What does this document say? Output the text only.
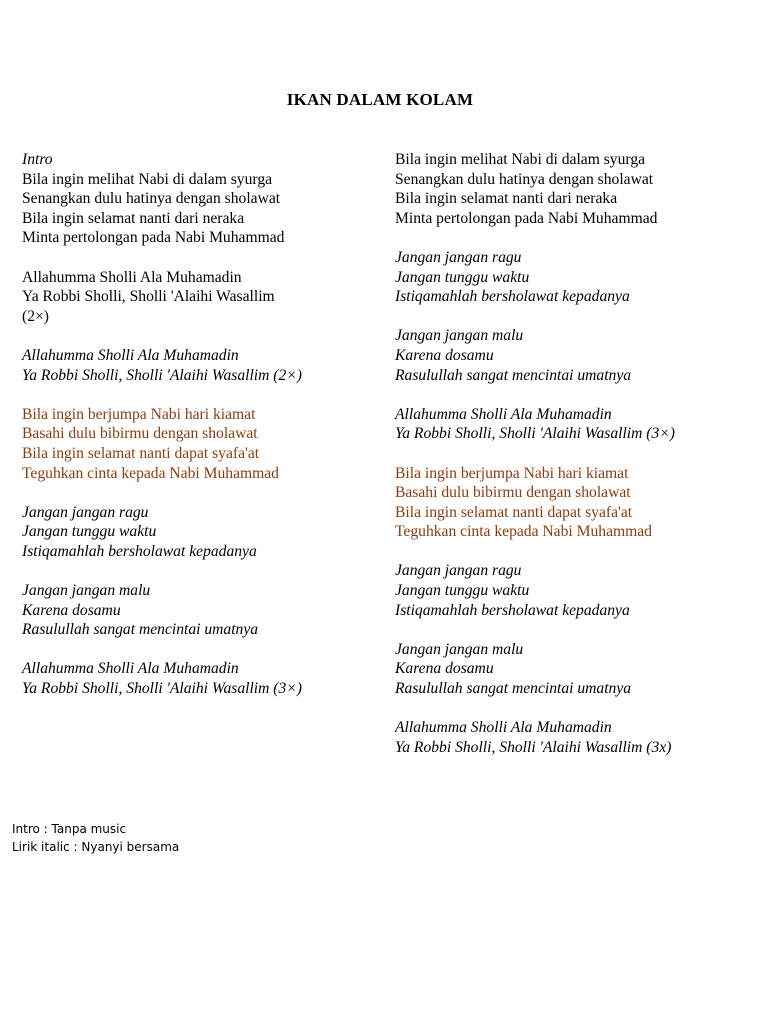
IKAN DALAM KOLAM
Intro
Bila ingin melihat Nabi di dalam syurga
Senangkan dulu hatinya dengan sholawat
Bila ingin selamat nanti dari neraka
Minta pertolongan pada Nabi Muhammad
Allahumma Sholli Ala Muhamadin
Ya Robbi Sholli, Sholli 'Alaihi Wasallim
(2×)
Allahumma Sholli Ala Muhamadin
Ya Robbi Sholli, Sholli 'Alaihi Wasallim (2×)
Bila ingin berjumpa Nabi hari kiamat
Basahi dulu bibirmu dengan sholawat
Bila ingin selamat nanti dapat syafa'at
Teguhkan cinta kepada Nabi Muhammad
Jangan jangan ragu
Jangan tunggu waktu
Istiqamahlah bersholawat kepadanya
Jangan jangan malu
Karena dosamu
Rasulullah sangat mencintai umatnya
Allahumma Sholli Ala Muhamadin
Ya Robbi Sholli, Sholli 'Alaihi Wasallim (3×)
Bila ingin melihat Nabi di dalam syurga
Senangkan dulu hatinya dengan sholawat
Bila ingin selamat nanti dari neraka
Minta pertolongan pada Nabi Muhammad
Jangan jangan ragu
Jangan tunggu waktu
Istiqamahlah bersholawat kepadanya
Jangan jangan malu
Karena dosamu
Rasulullah sangat mencintai umatnya
Allahumma Sholli Ala Muhamadin
Ya Robbi Sholli, Sholli 'Alaihi Wasallim (3×)
Bila ingin berjumpa Nabi hari kiamat
Basahi dulu bibirmu dengan sholawat
Bila ingin selamat nanti dapat syafa'at
Teguhkan cinta kepada Nabi Muhammad
Jangan jangan ragu
Jangan tunggu waktu
Istiqamahlah bersholawat kepadanya
Jangan jangan malu
Karena dosamu
Rasulullah sangat mencintai umatnya
Allahumma Sholli Ala Muhamadin
Ya Robbi Sholli, Sholli 'Alaihi Wasallim (3x)
Intro : Tanpa music
Lirik italic : Nyanyi bersama
